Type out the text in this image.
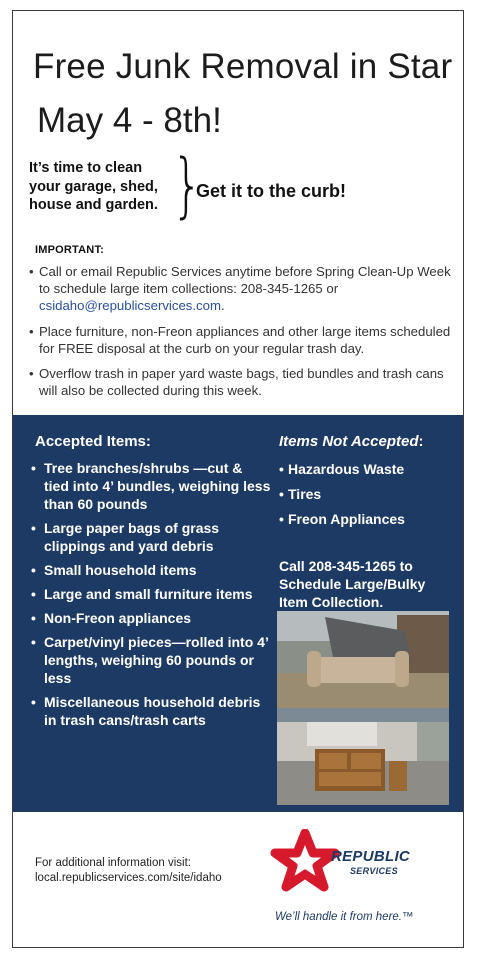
Free Junk Removal in Star
May 4 - 8th!
It’s time to clean
your garage, shed,
house and garden. }
Get it to the curb!
IMPORTANT:
• Call or email Republic Services anytime before Spring Clean-Up Week to schedule large item collections: 208-345-1265 or csidaho@republicservices.com.
• Place furniture, non-Freon appliances and other large items scheduled for FREE disposal at the curb on your regular trash day.
• Overflow trash in paper yard waste bags, tied bundles and trash cans will also be collected during this week.
Accepted Items:
• Tree branches/shrubs —cut & tied into 4’ bundles, weighing less than 60 pounds
• Large paper bags of grass clippings and yard debris
• Small household items
• Large and small furniture items
• Non-Freon appliances
• Carpet/vinyl pieces—rolled into 4’ lengths, weighing 60 pounds or less
• Miscellaneous household debris in trash cans/trash carts
Items Not Accepted:
• Hazardous Waste
• Tires
• Freon Appliances
Call 208-345-1265 to Schedule Large/Bulky Item Collection.
For additional information visit:
local.republicservices.com/site/idaho
REPUBLIC
SERVICES
We’ll handle it from here.™
